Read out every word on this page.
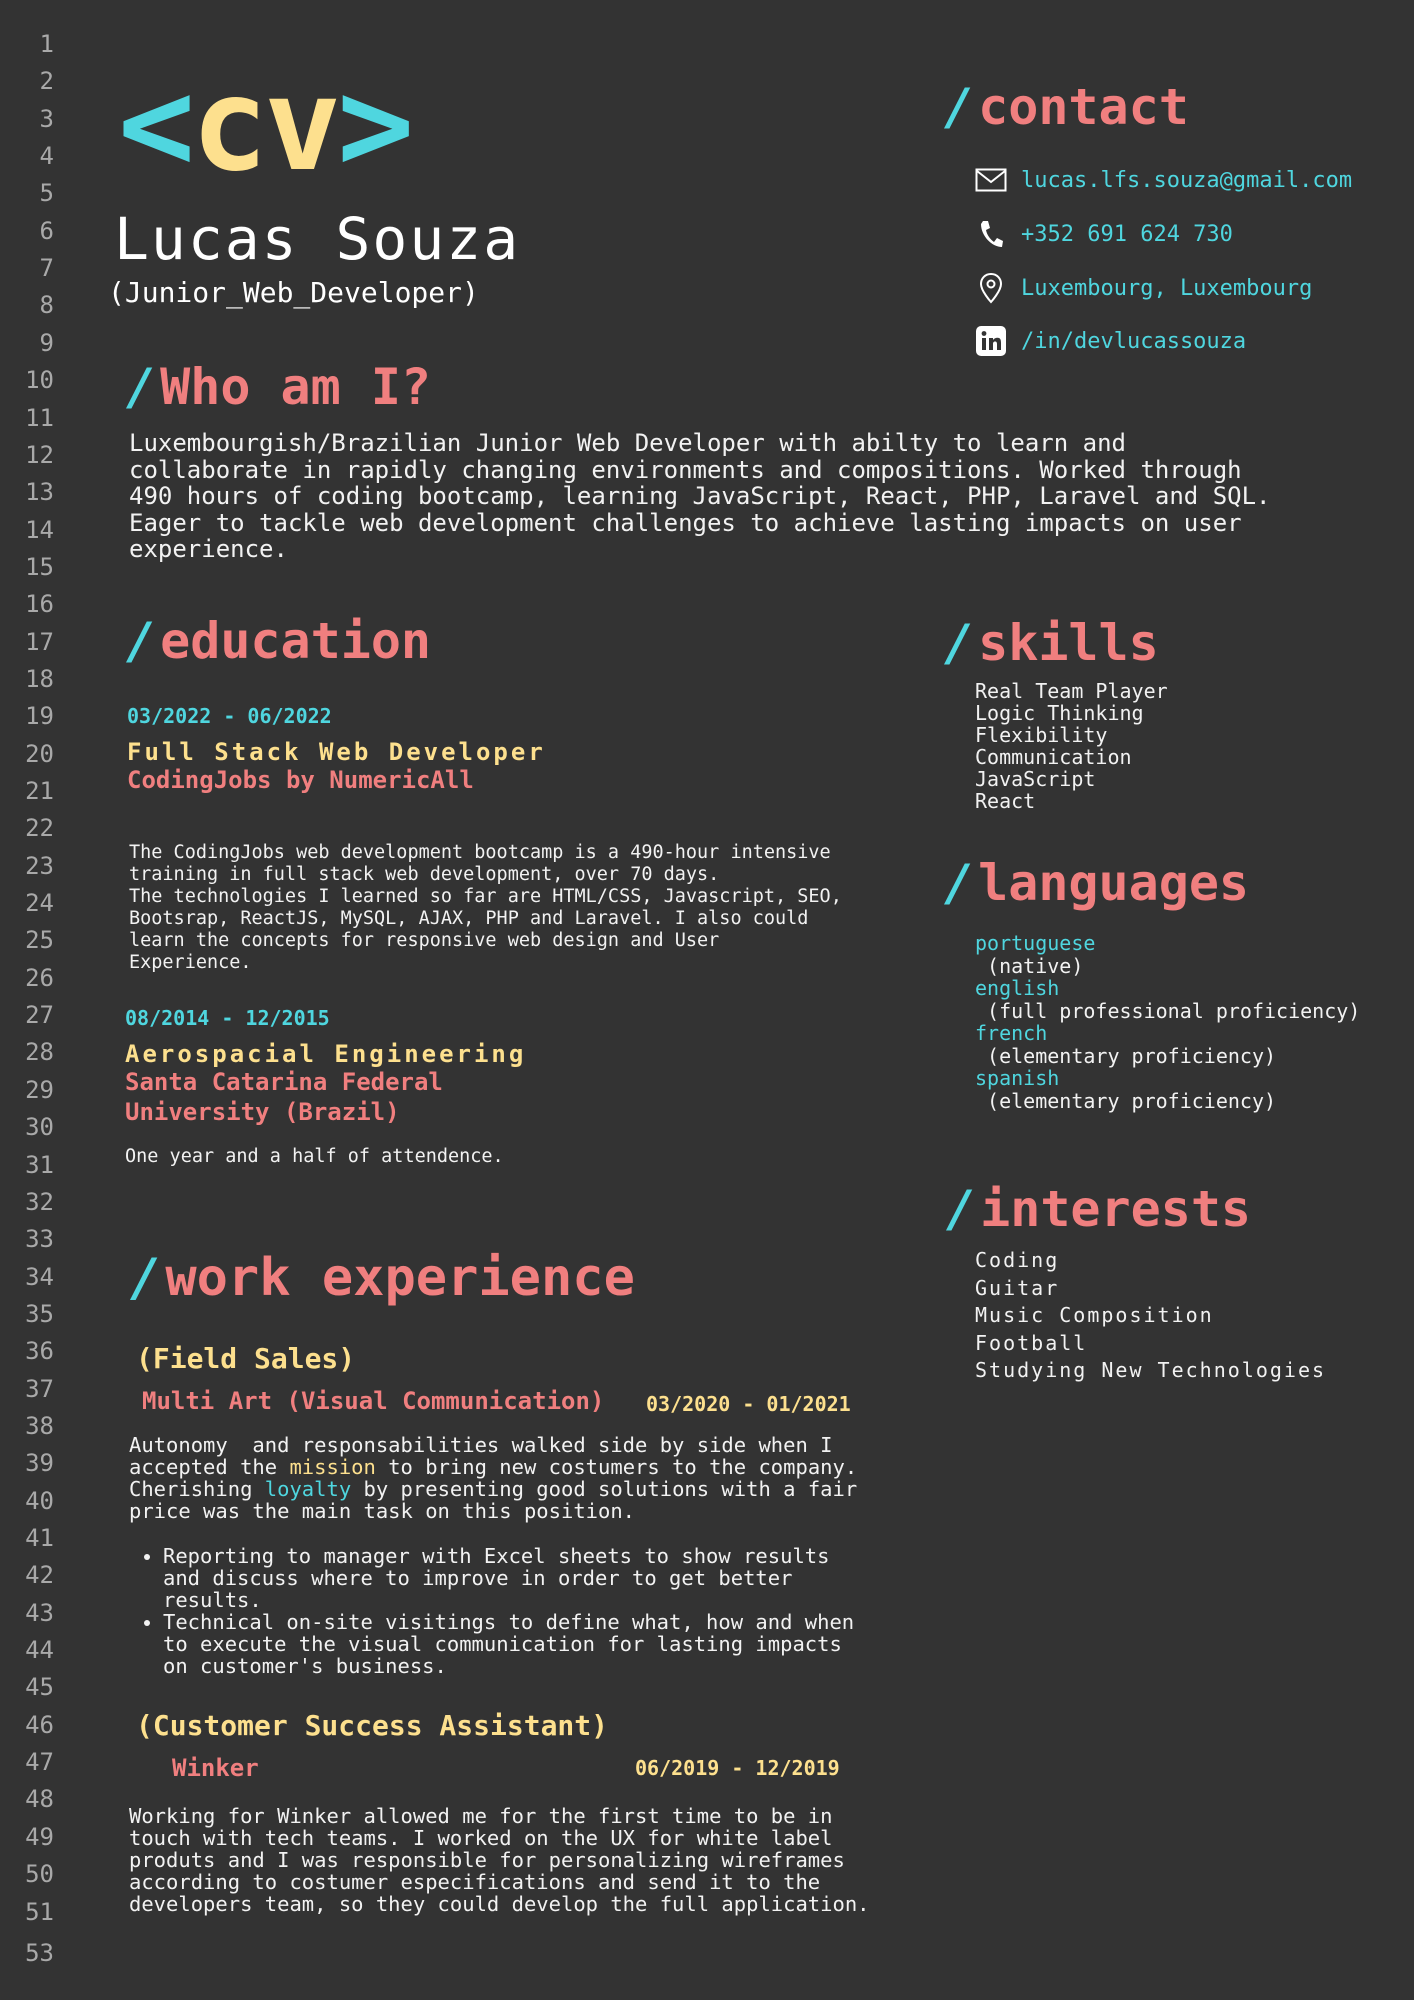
1
2
3
4
5
6
7
8
9
10
11
12
13
14
15
16
17
18
19
20
21
22
23
24
25
26
27
28
29
30
31
32
33
34
35
36
37
38
39
40
41
42
43
44
45
46
47
48
49
50
51
53
<cv>
Lucas Souza
(Junior_Web_Developer)
/ contact
lucas.lfs.souza@gmail.com
+352 691 624 730
Luxembourg, Luxembourg
/in/devlucassouza
/ Who am I?
Luxembourgish/Brazilian Junior Web Developer with abilty to learn and
collaborate in rapidly changing environments and compositions. Worked through
490 hours of coding bootcamp, learning JavaScript, React, PHP, Laravel and SQL.
Eager to tackle web development challenges to achieve lasting impacts on user
experience.
/ education
03/2022 - 06/2022
Full Stack Web Developer
CodingJobs by NumericAll
The CodingJobs web development bootcamp is a 490-hour intensive
training in full stack web development, over 70 days.
The technologies I learned so far are HTML/CSS, Javascript, SEO,
Bootsrap, ReactJS, MySQL, AJAX, PHP and Laravel. I also could
learn the concepts for responsive web design and User
Experience.
08/2014 - 12/2015
Aerospacial Engineering
Santa Catarina Federal
University (Brazil)
One year and a half of attendence.
/ skills
Real Team Player
Logic Thinking
Flexibility
Communication
JavaScript
React
/ languages
portuguese
(native)
english
(full professional proficiency)
french
(elementary proficiency)
spanish
(elementary proficiency)
/ interests
Coding
Guitar
Music Composition
Football
Studying New Technologies
/ work experience
(Field Sales)
Multi Art (Visual Communication) 03/2020 - 01/2021
Autonomy  and responsabilities walked side by side when I
accepted the mission to bring new costumers to the company.
Cherishing loyalty by presenting good solutions with a fair
price was the main task on this position.
• Reporting to manager with Excel sheets to show results
and discuss where to improve in order to get better
results.
• Technical on-site visitings to define what, how and when
to execute the visual communication for lasting impacts
on customer's business.
(Customer Success Assistant)
Winker	06/2019 - 12/2019
Working for Winker allowed me for the first time to be in
touch with tech teams. I worked on the UX for white label
produts and I was responsible for personalizing wireframes
according to costumer especifications and send it to the
developers team, so they could develop the full application.
